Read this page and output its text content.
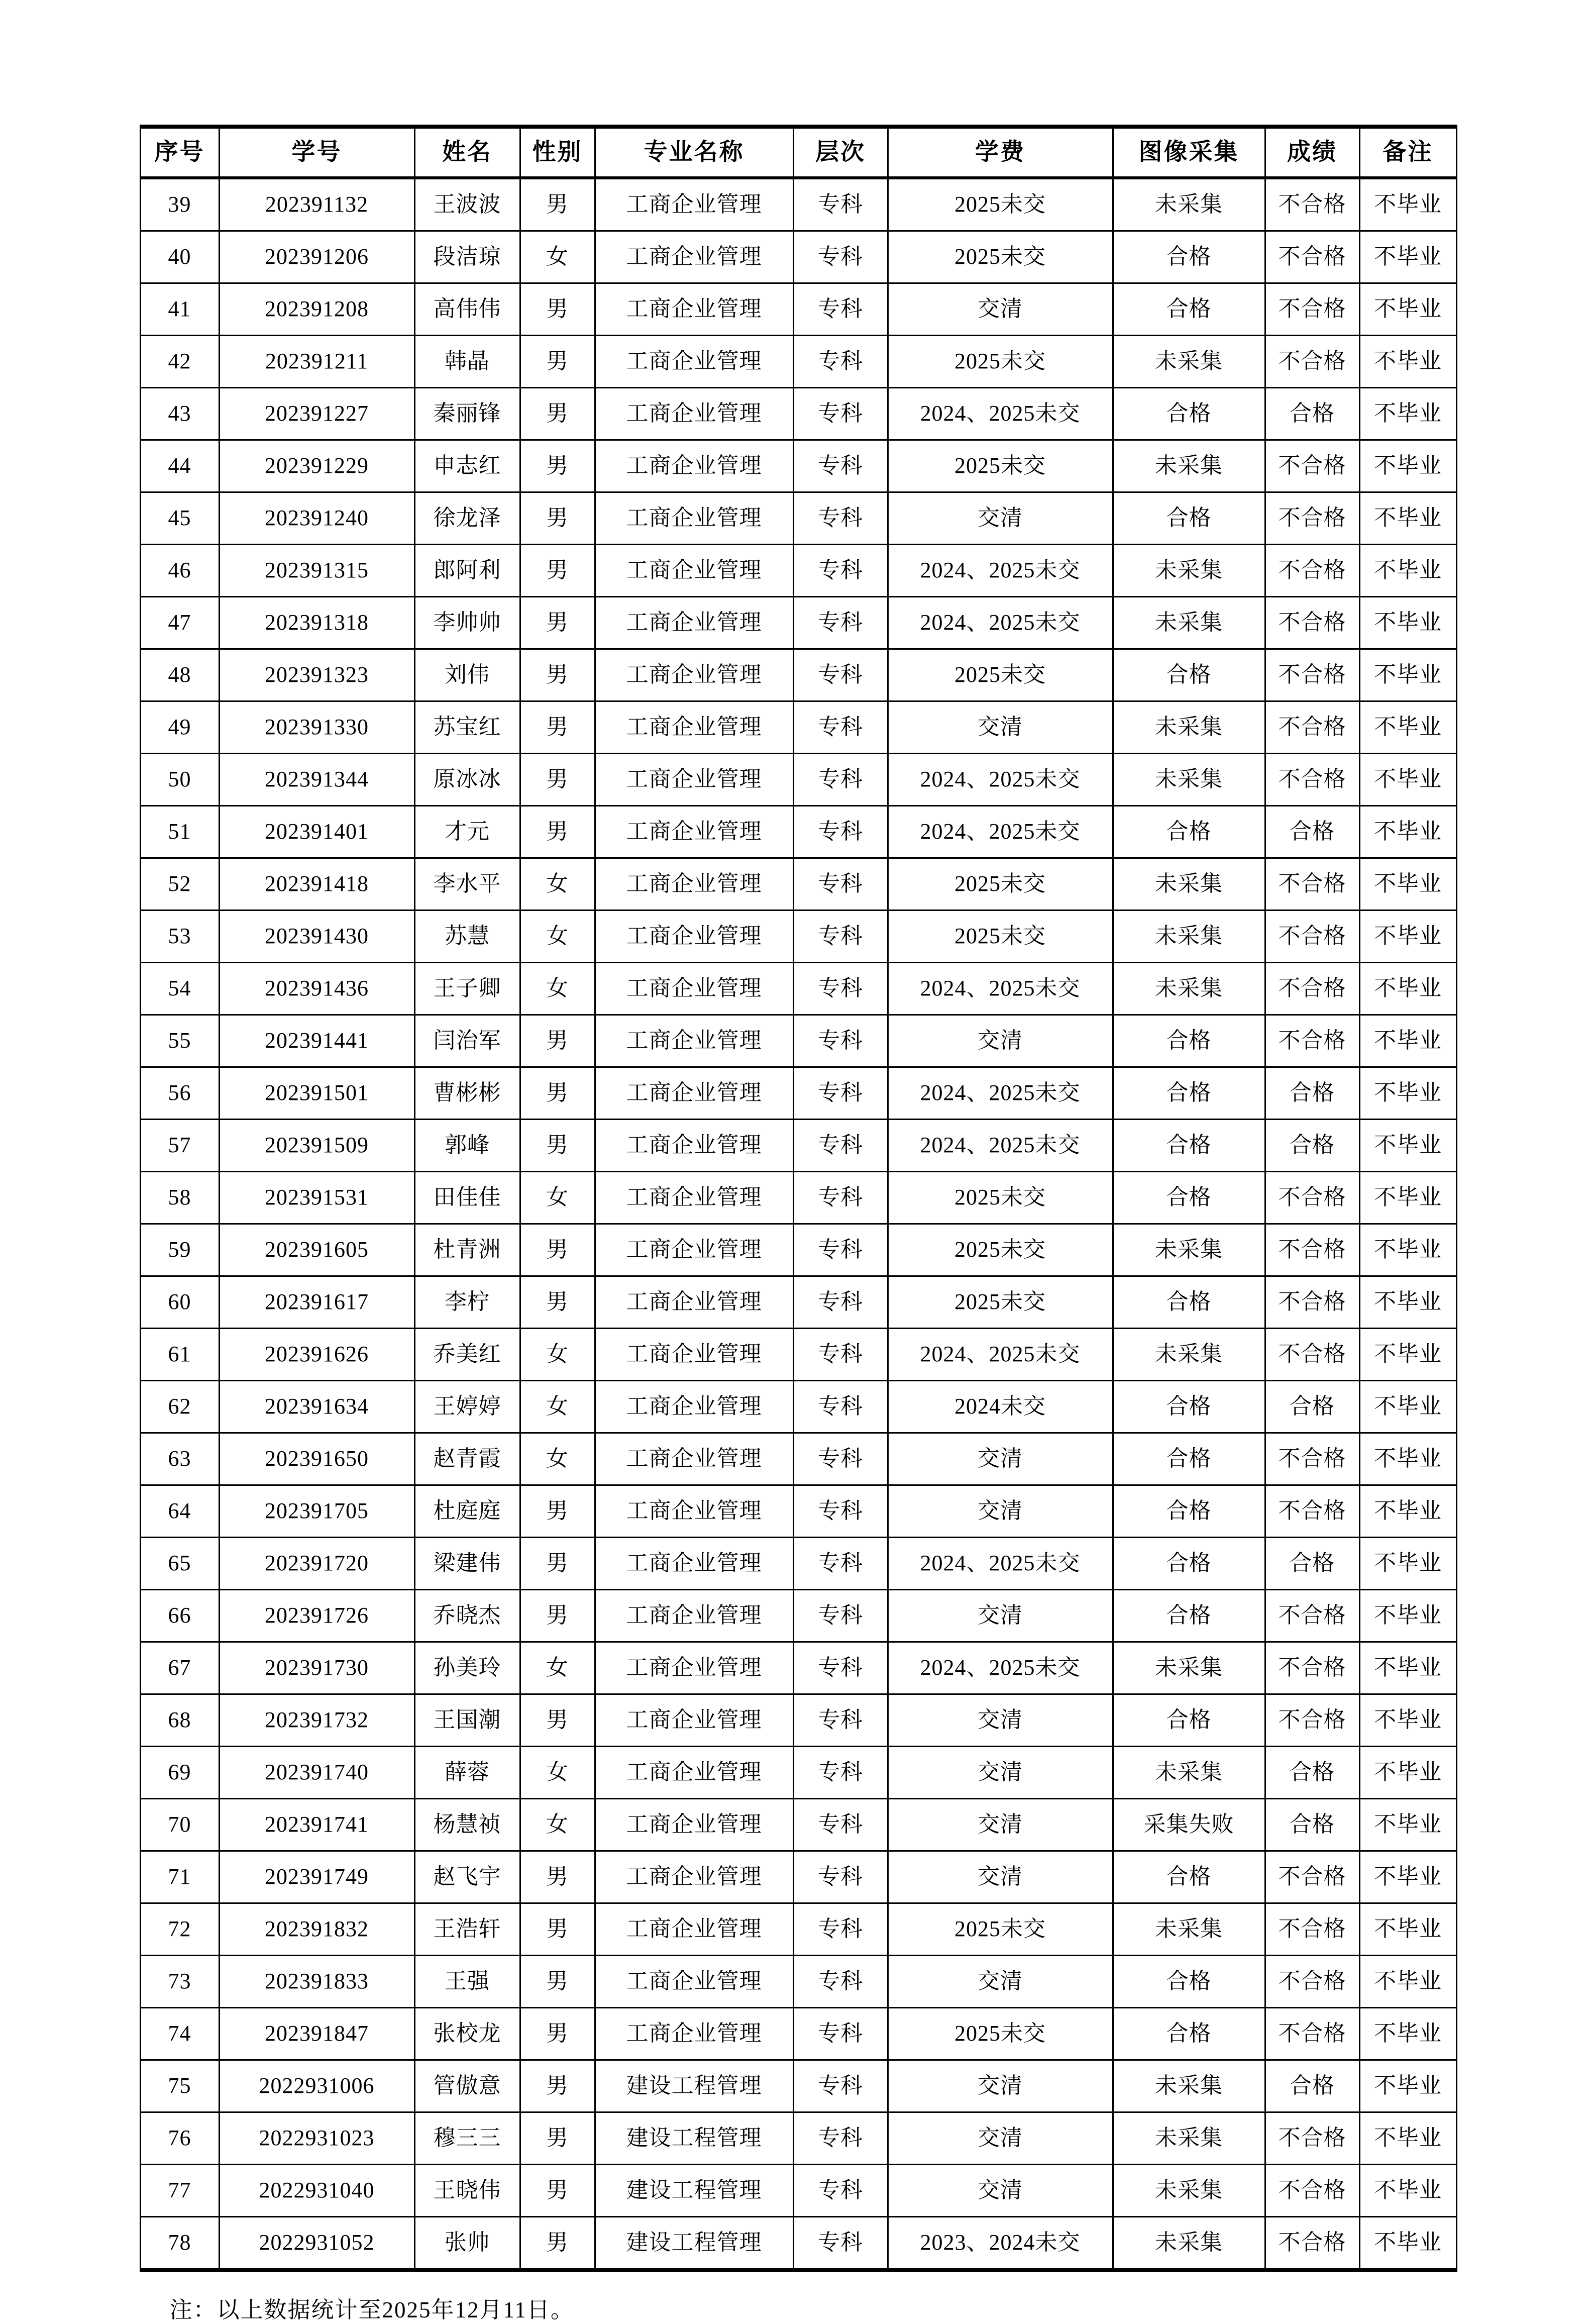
序号	学号	姓名	性别	专业名称	层次	学费	图像采集	成绩	备注
39	202391132	王波波	男	工商企业管理	专科	2025未交	未采集	不合格	不毕业
40	202391206	段洁琼	女	工商企业管理	专科	2025未交	合格	不合格	不毕业
41	202391208	高伟伟	男	工商企业管理	专科	交清	合格	不合格	不毕业
42	202391211	韩晶	男	工商企业管理	专科	2025未交	未采集	不合格	不毕业
43	202391227	秦丽锋	男	工商企业管理	专科	2024、2025未交	合格	合格	不毕业
44	202391229	申志红	男	工商企业管理	专科	2025未交	未采集	不合格	不毕业
45	202391240	徐龙泽	男	工商企业管理	专科	交清	合格	不合格	不毕业
46	202391315	郎阿利	男	工商企业管理	专科	2024、2025未交	未采集	不合格	不毕业
47	202391318	李帅帅	男	工商企业管理	专科	2024、2025未交	未采集	不合格	不毕业
48	202391323	刘伟	男	工商企业管理	专科	2025未交	合格	不合格	不毕业
49	202391330	苏宝红	男	工商企业管理	专科	交清	未采集	不合格	不毕业
50	202391344	原冰冰	男	工商企业管理	专科	2024、2025未交	未采集	不合格	不毕业
51	202391401	才元	男	工商企业管理	专科	2024、2025未交	合格	合格	不毕业
52	202391418	李水平	女	工商企业管理	专科	2025未交	未采集	不合格	不毕业
53	202391430	苏慧	女	工商企业管理	专科	2025未交	未采集	不合格	不毕业
54	202391436	王子卿	女	工商企业管理	专科	2024、2025未交	未采集	不合格	不毕业
55	202391441	闫治军	男	工商企业管理	专科	交清	合格	不合格	不毕业
56	202391501	曹彬彬	男	工商企业管理	专科	2024、2025未交	合格	合格	不毕业
57	202391509	郭峰	男	工商企业管理	专科	2024、2025未交	合格	合格	不毕业
58	202391531	田佳佳	女	工商企业管理	专科	2025未交	合格	不合格	不毕业
59	202391605	杜青洲	男	工商企业管理	专科	2025未交	未采集	不合格	不毕业
60	202391617	李柠	男	工商企业管理	专科	2025未交	合格	不合格	不毕业
61	202391626	乔美红	女	工商企业管理	专科	2024、2025未交	未采集	不合格	不毕业
62	202391634	王婷婷	女	工商企业管理	专科	2024未交	合格	合格	不毕业
63	202391650	赵青霞	女	工商企业管理	专科	交清	合格	不合格	不毕业
64	202391705	杜庭庭	男	工商企业管理	专科	交清	合格	不合格	不毕业
65	202391720	梁建伟	男	工商企业管理	专科	2024、2025未交	合格	合格	不毕业
66	202391726	乔晓杰	男	工商企业管理	专科	交清	合格	不合格	不毕业
67	202391730	孙美玲	女	工商企业管理	专科	2024、2025未交	未采集	不合格	不毕业
68	202391732	王国潮	男	工商企业管理	专科	交清	合格	不合格	不毕业
69	202391740	薛蓉	女	工商企业管理	专科	交清	未采集	合格	不毕业
70	202391741	杨慧祯	女	工商企业管理	专科	交清	采集失败	合格	不毕业
71	202391749	赵飞宇	男	工商企业管理	专科	交清	合格	不合格	不毕业
72	202391832	王浩轩	男	工商企业管理	专科	2025未交	未采集	不合格	不毕业
73	202391833	王强	男	工商企业管理	专科	交清	合格	不合格	不毕业
74	202391847	张校龙	男	工商企业管理	专科	2025未交	合格	不合格	不毕业
75	2022931006	管傲意	男	建设工程管理	专科	交清	未采集	合格	不毕业
76	2022931023	穆三三	男	建设工程管理	专科	交清	未采集	不合格	不毕业
77	2022931040	王晓伟	男	建设工程管理	专科	交清	未采集	不合格	不毕业
78	2022931052	张帅	男	建设工程管理	专科	2023、2024未交	未采集	不合格	不毕业
注：以上数据统计至2025年12月11日。
